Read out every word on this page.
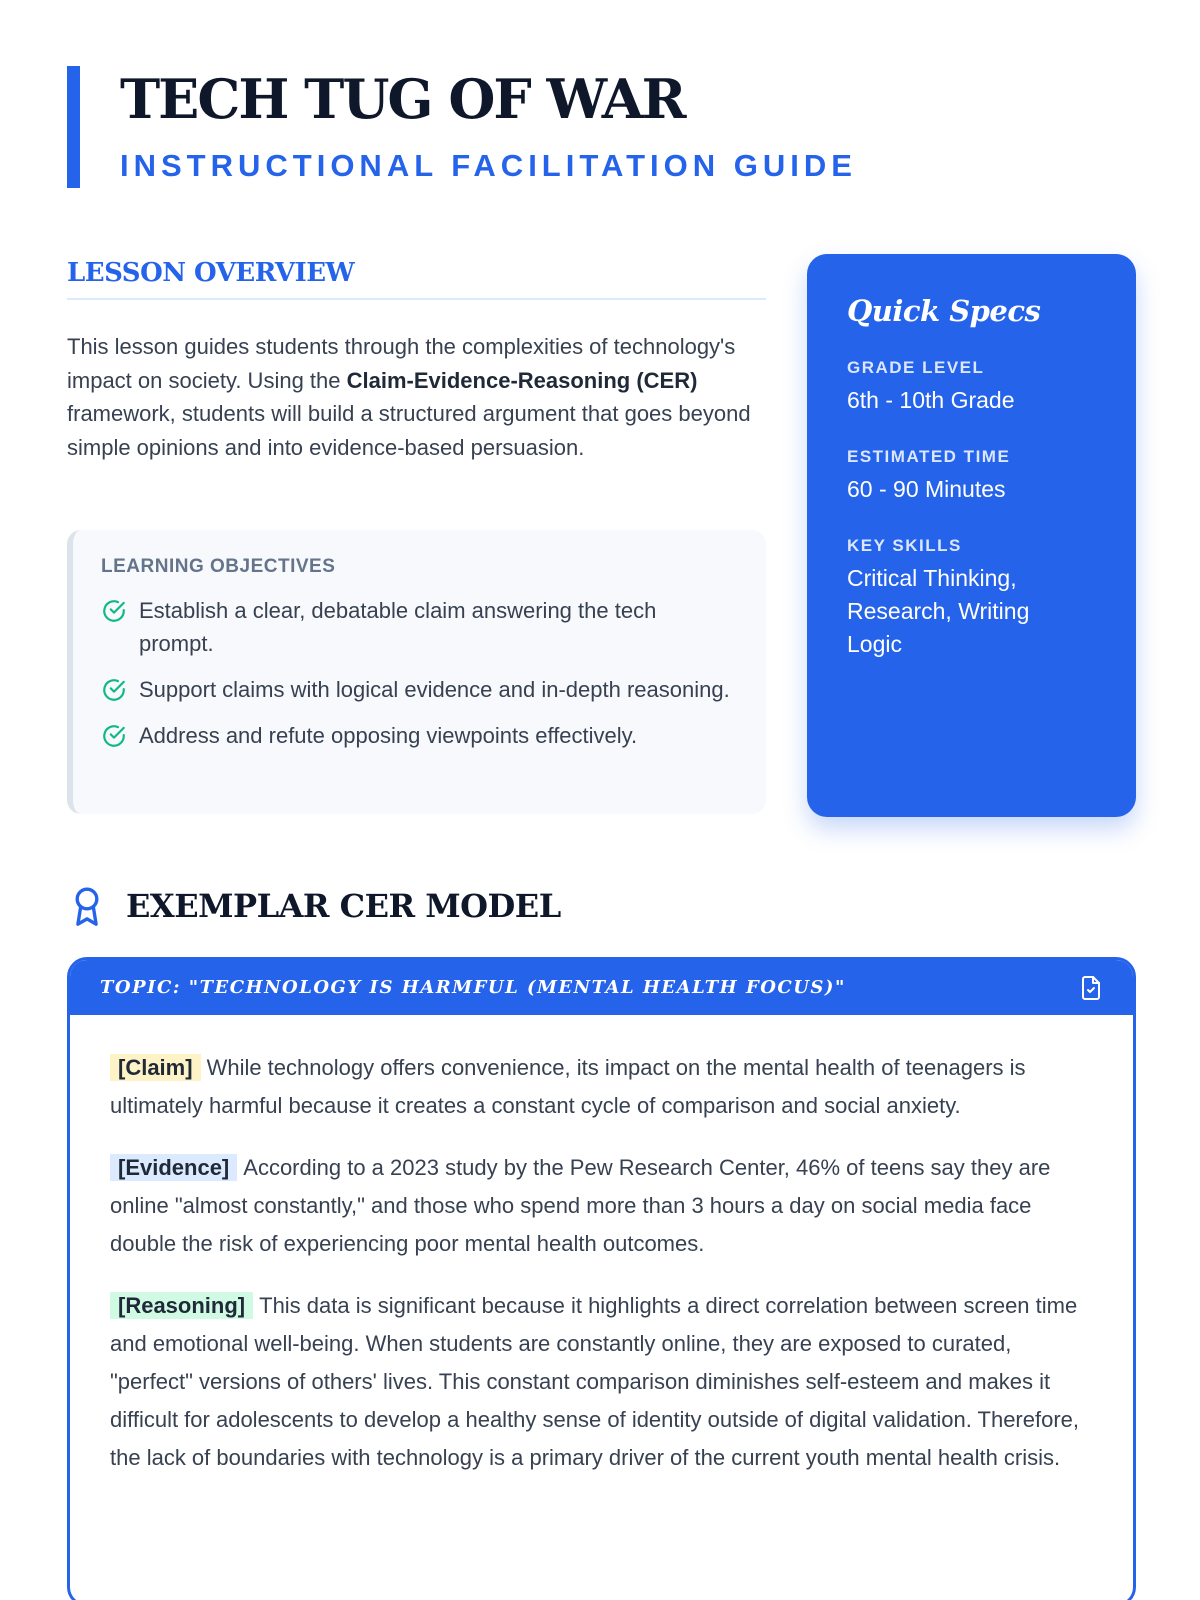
TECH TUG OF WAR
INSTRUCTIONAL FACILITATION GUIDE
LESSON OVERVIEW

This lesson guides students through the complexities of technology's impact on society. Using the Claim-Evidence-Reasoning (CER) framework, students will build a structured argument that goes beyond simple opinions and into evidence-based persuasion.

LEARNING OBJECTIVES
Establish a clear, debatable claim answering the tech prompt.
Support claims with logical evidence and in-depth reasoning.
Address and refute opposing viewpoints effectively.
Quick Specs
GRADE LEVEL
6th - 10th Grade
ESTIMATED TIME
60 - 90 Minutes
KEY SKILLS
Critical Thinking, Research, Writing Logic
EXEMPLAR CER MODEL
TOPIC: "TECHNOLOGY IS HARMFUL (MENTAL HEALTH FOCUS)"

[Claim] While technology offers convenience, its impact on the mental health of teenagers is ultimately harmful because it creates a constant cycle of comparison and social anxiety.

[Evidence] According to a 2023 study by the Pew Research Center, 46% of teens say they are online "almost constantly," and those who spend more than 3 hours a day on social media face double the risk of experiencing poor mental health outcomes.

[Reasoning] This data is significant because it highlights a direct correlation between screen time and emotional well-being. When students are constantly online, they are exposed to curated, "perfect" versions of others' lives. This constant comparison diminishes self-esteem and makes it difficult for adolescents to develop a healthy sense of identity outside of digital validation. Therefore, the lack of boundaries with technology is a primary driver of the current youth mental health crisis.
